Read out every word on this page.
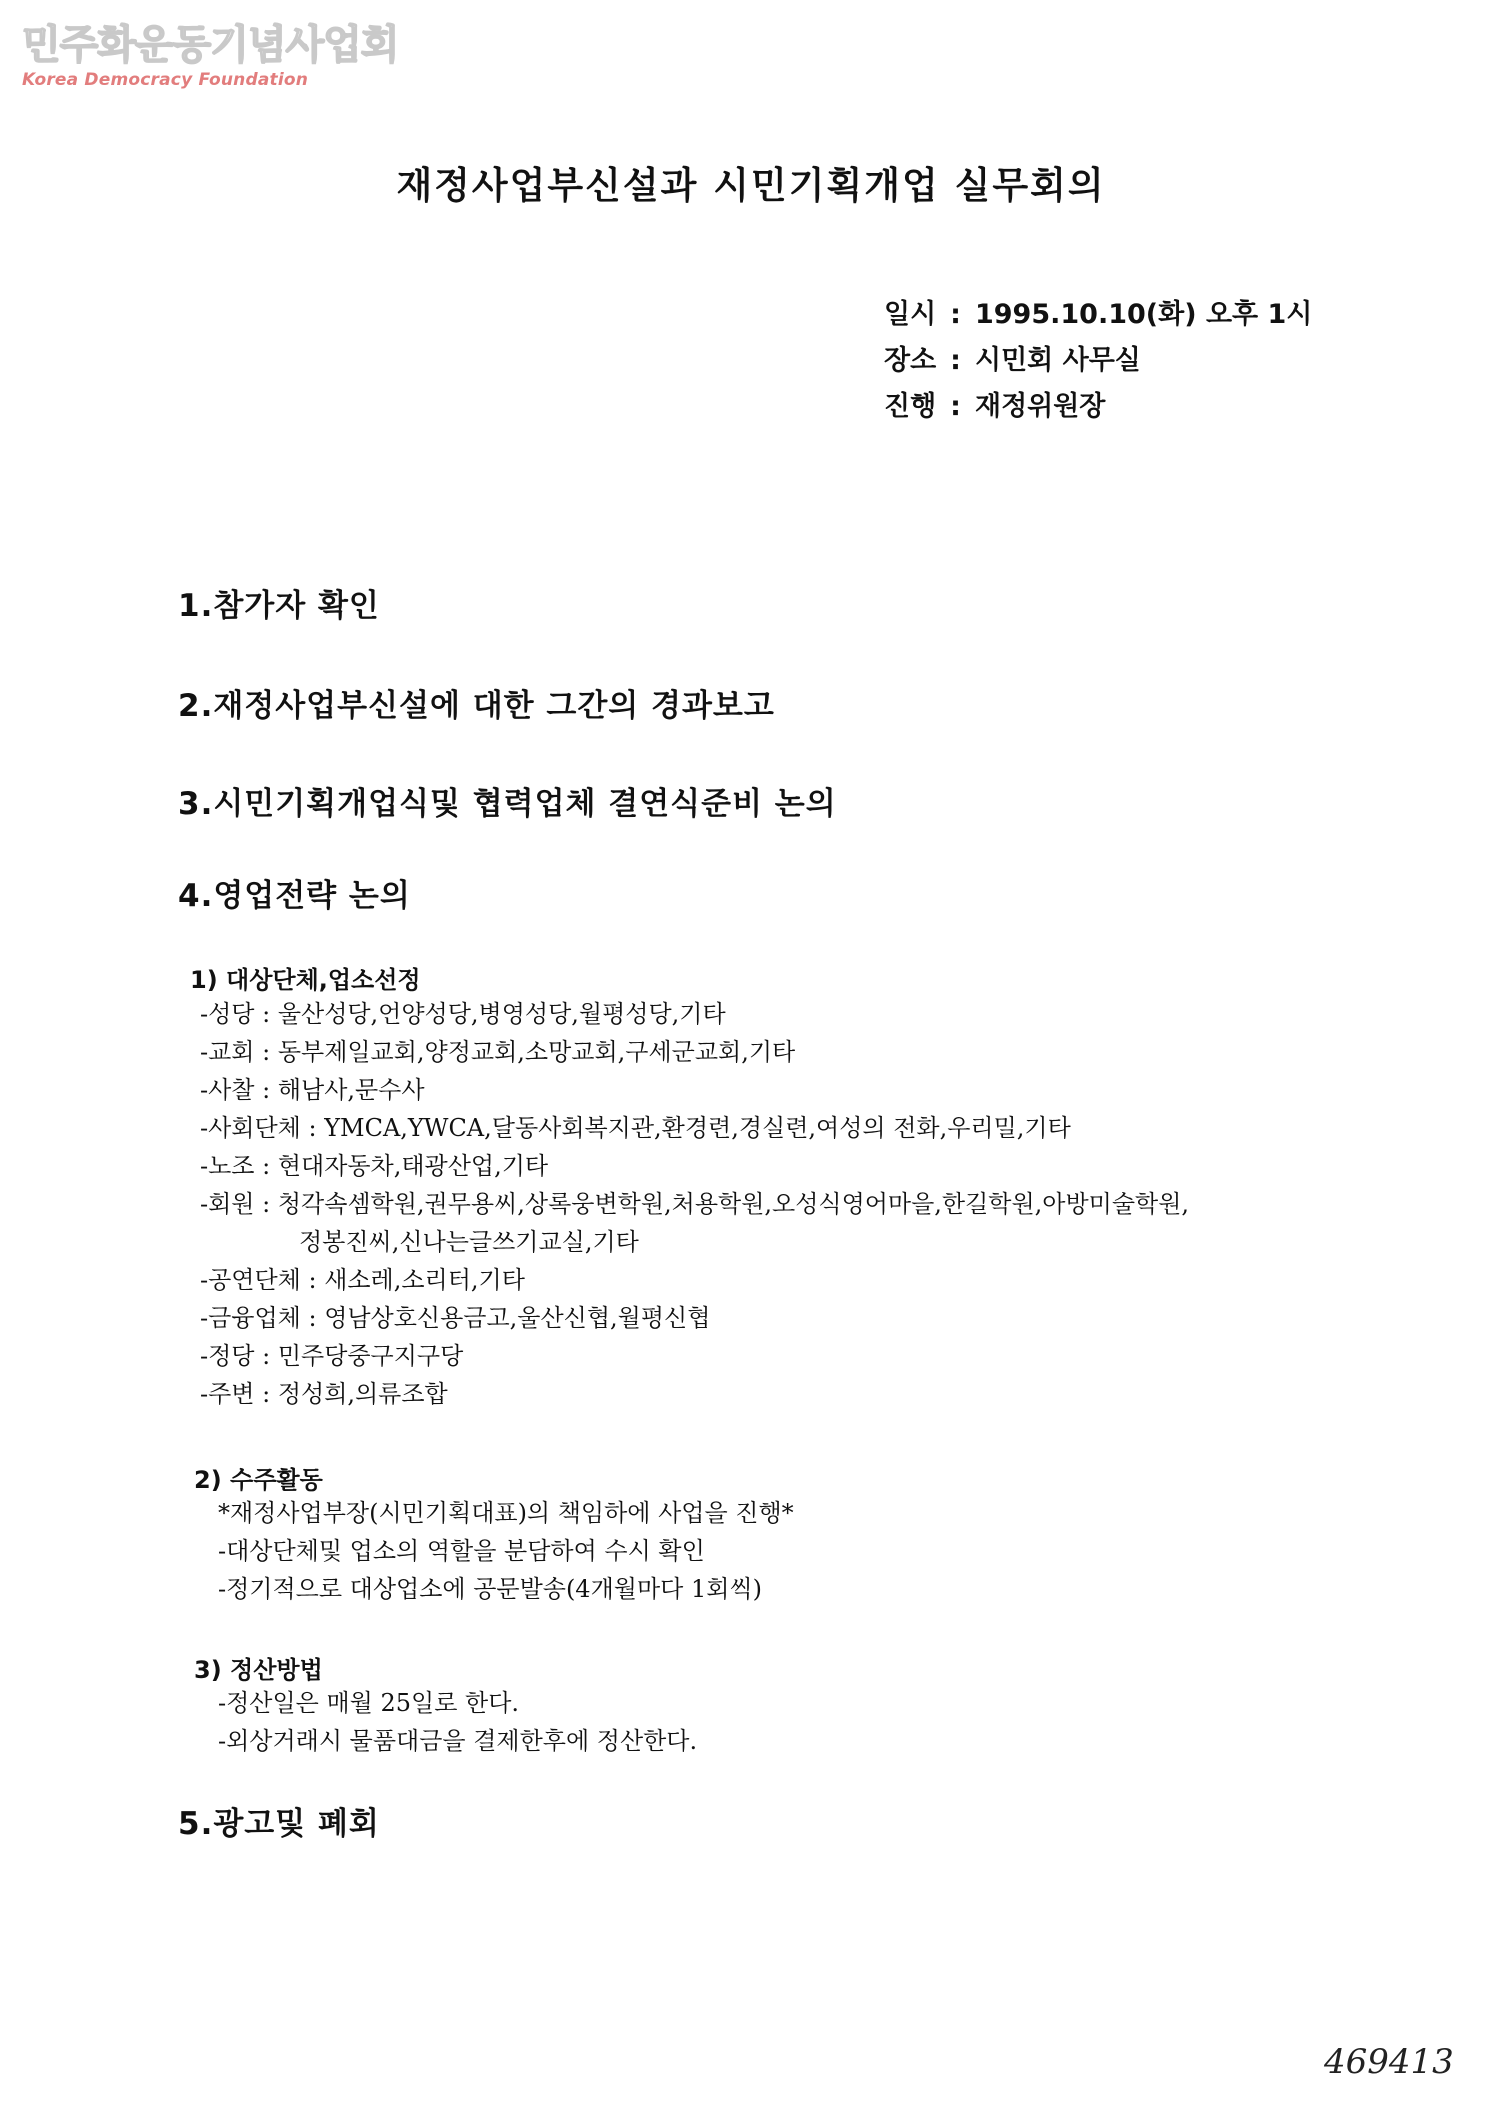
민주화운동기념사업회
Korea Democracy Foundation
재정사업부신설과 시민기획개업 실무회의
일시 : 1995.10.10(화) 오후 1시
장소 : 시민회 사무실
진행 : 재정위원장
1.참가자 확인
2.재정사업부신설에 대한 그간의 경과보고
3.시민기획개업식및 협력업체 결연식준비 논의
4.영업전략 논의
1) 대상단체,업소선정
-성당 : 울산성당,언양성당,병영성당,월평성당,기타
-교회 : 동부제일교회,양정교회,소망교회,구세군교회,기타
-사찰 : 해남사,문수사
-사회단체 : YMCA,YWCA,달동사회복지관,환경련,경실련,여성의 전화,우리밀,기타
-노조 : 현대자동차,태광산업,기타
-회원 : 청각속셈학원,권무용씨,상록웅변학원,처용학원,오성식영어마을,한길학원,아방미술학원,
정봉진씨,신나는글쓰기교실,기타
-공연단체 : 새소레,소리터,기타
-금융업체 : 영남상호신용금고,울산신협,월평신협
-정당 : 민주당중구지구당
-주변 : 정성희,의류조합
2) 수주활동
*재정사업부장(시민기획대표)의 책임하에 사업을 진행*
-대상단체및 업소의 역할을 분담하여 수시 확인
-정기적으로 대상업소에 공문발송(4개월마다 1회씩)
3) 정산방법
-정산일은 매월 25일로 한다.
-외상거래시 물품대금을 결제한후에 정산한다.
5.광고및 폐회
469413
